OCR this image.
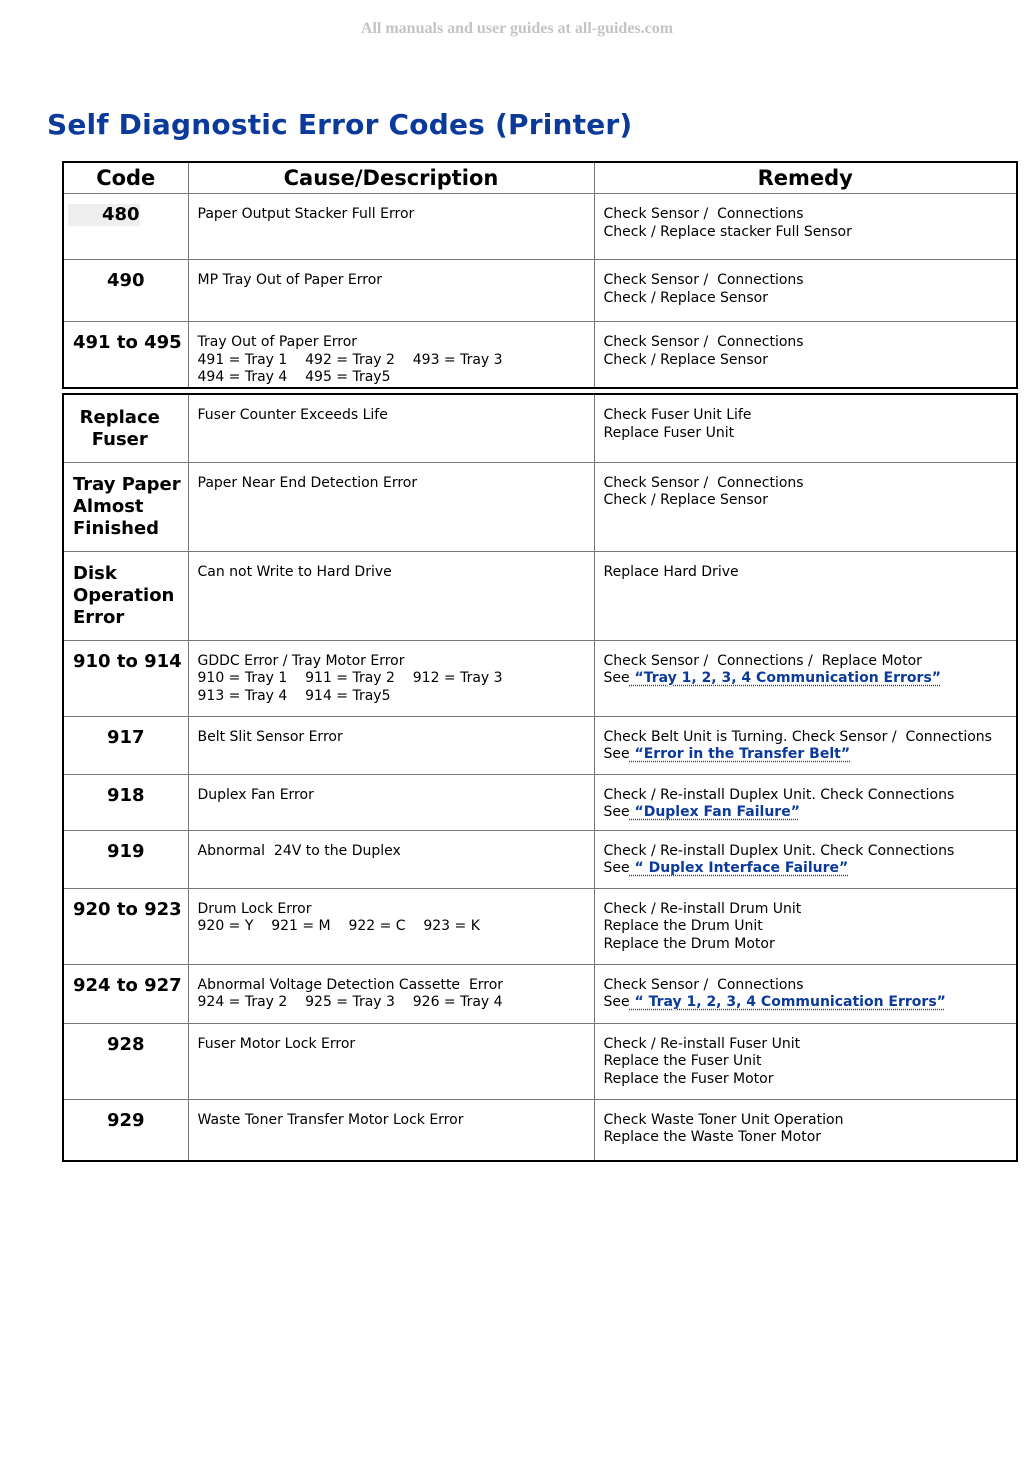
All manuals and user guides at all-guides.com
Self Diagnostic Error Codes (Printer)
Code	Cause/Description	Remedy
480	Paper Output Stacker Full Error	Check Sensor /  Connections
Check / Replace stacker Full Sensor
490	MP Tray Out of Paper Error	Check Sensor /  Connections
Check / Replace Sensor
491 to 495	Tray Out of Paper Error
491 = Tray 1    492 = Tray 2    493 = Tray 3
494 = Tray 4    495 = Tray5	Check Sensor /  Connections
Check / Replace Sensor
Replace
Fuser	Fuser Counter Exceeds Life	Check Fuser Unit Life
Replace Fuser Unit
Tray Paper
Almost
Finished	Paper Near End Detection Error	Check Sensor /  Connections
Check / Replace Sensor
Disk
Operation
Error	Can not Write to Hard Drive	Replace Hard Drive
910 to 914	GDDC Error / Tray Motor Error
910 = Tray 1    911 = Tray 2    912 = Tray 3
913 = Tray 4    914 = Tray5	Check Sensor /  Connections /  Replace Motor
See “Tray 1, 2, 3, 4 Communication Errors”
917	Belt Slit Sensor Error	Check Belt Unit is Turning. Check Sensor /  Connections
See “Error in the Transfer Belt”
918	Duplex Fan Error	Check / Re-install Duplex Unit. Check Connections
See “Duplex Fan Failure”
919	Abnormal  24V to the Duplex	Check / Re-install Duplex Unit. Check Connections
See “ Duplex Interface Failure”
920 to 923	Drum Lock Error
920 = Y    921 = M    922 = C    923 = K	Check / Re-install Drum Unit
Replace the Drum Unit
Replace the Drum Motor
924 to 927	Abnormal Voltage Detection Cassette  Error
924 = Tray 2    925 = Tray 3    926 = Tray 4	Check Sensor /  Connections
See “ Tray 1, 2, 3, 4 Communication Errors”
928	Fuser Motor Lock Error	Check / Re-install Fuser Unit
Replace the Fuser Unit
Replace the Fuser Motor
929	Waste Toner Transfer Motor Lock Error	Check Waste Toner Unit Operation
Replace the Waste Toner Motor
